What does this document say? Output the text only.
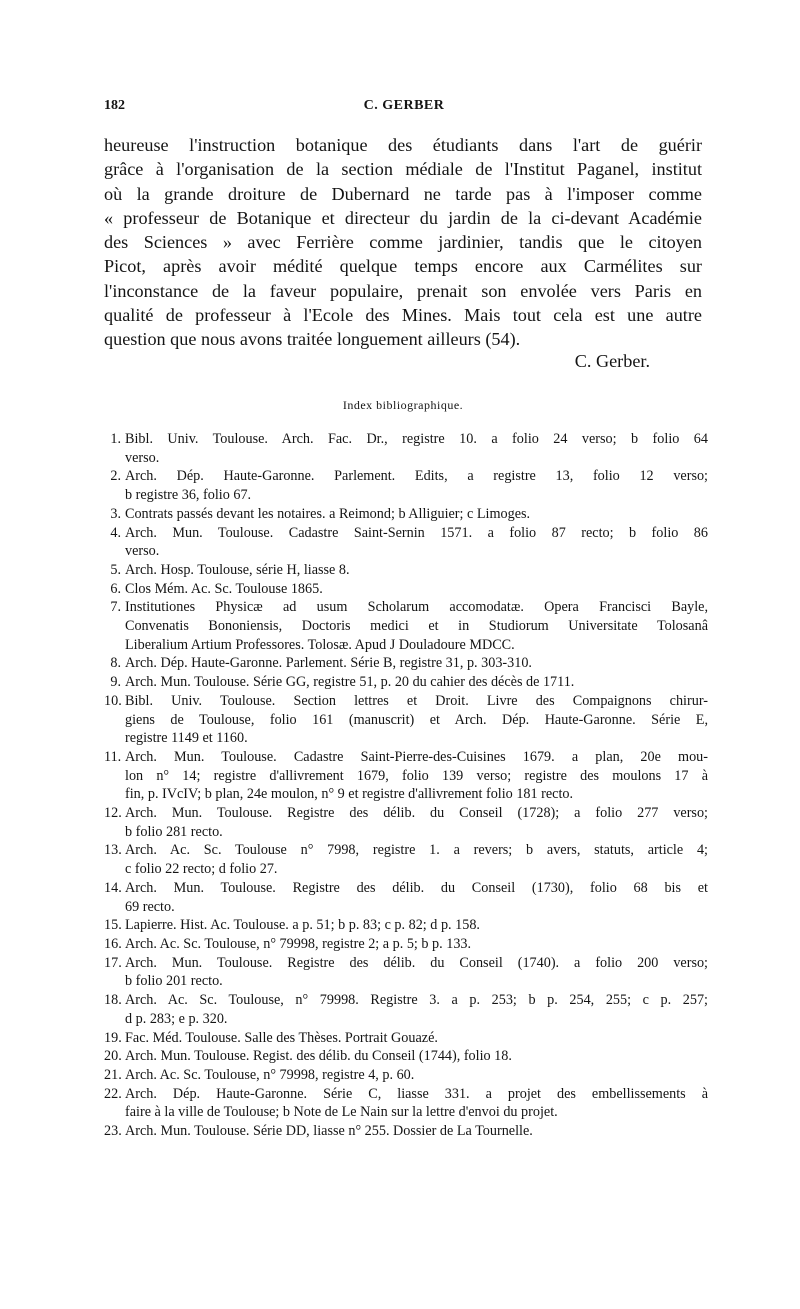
182	C. GERBER
heureuse l'instruction botanique des étudiants dans l'art de guérir
grâce à l'organisation de la section médiale de l'Institut Paganel, institut
où la grande droiture de Dubernard ne tarde pas à l'imposer comme
« professeur de Botanique et directeur du jardin de la ci-devant Académie
des Sciences » avec Ferrière comme jardinier, tandis que le citoyen
Picot, après avoir médité quelque temps encore aux Carmélites sur
l'inconstance de la faveur populaire, prenait son envolée vers Paris en
qualité de professeur à l'Ecole des Mines. Mais tout cela est une autre
question que nous avons traitée longuement ailleurs (54).
C. Gerber.
Index bibliographique.
1. Bibl. Univ. Toulouse. Arch. Fac. Dr., registre 10. a folio 24 verso; b folio 64
verso.
2. Arch. Dép. Haute-Garonne. Parlement. Edits, a registre 13, folio 12 verso;
b registre 36, folio 67.
3. Contrats passés devant les notaires. a Reimond; b Alliguier; c Limoges.
4. Arch. Mun. Toulouse. Cadastre Saint-Sernin 1571. a folio 87 recto; b folio 86
verso.
5. Arch. Hosp. Toulouse, série H, liasse 8.
6. Clos Mém. Ac. Sc. Toulouse 1865.
7. Institutiones Physicæ ad usum Scholarum accomodatæ. Opera Francisci Bayle,
Convenatis Bononiensis, Doctoris medici et in Studiorum Universitate Tolosanâ
Liberalium Artium Professores. Tolosæ. Apud J Douladoure MDCC.
8. Arch. Dép. Haute-Garonne. Parlement. Série B, registre 31, p. 303-310.
9. Arch. Mun. Toulouse. Série GG, registre 51, p. 20 du cahier des décès de 1711.
10. Bibl. Univ. Toulouse. Section lettres et Droit. Livre des Compaignons chirur-
giens de Toulouse, folio 161 (manuscrit) et Arch. Dép. Haute-Garonne. Série E,
registre 1149 et 1160.
11. Arch. Mun. Toulouse. Cadastre Saint-Pierre-des-Cuisines 1679. a plan, 20e mou-
lon n° 14; registre d'allivrement 1679, folio 139 verso; registre des moulons 17 à
fin, p. IVcIV; b plan, 24e moulon, n° 9 et registre d'allivrement folio 181 recto.
12. Arch. Mun. Toulouse. Registre des délib. du Conseil (1728); a folio 277 verso;
b folio 281 recto.
13. Arch. Ac. Sc. Toulouse n° 7998, registre 1. a revers; b avers, statuts, article 4;
c folio 22 recto; d folio 27.
14. Arch. Mun. Toulouse. Registre des délib. du Conseil (1730), folio 68 bis et
69 recto.
15. Lapierre. Hist. Ac. Toulouse. a p. 51; b p. 83; c p. 82; d p. 158.
16. Arch. Ac. Sc. Toulouse, n° 79998, registre 2; a p. 5; b p. 133.
17. Arch. Mun. Toulouse. Registre des délib. du Conseil (1740). a folio 200 verso;
b folio 201 recto.
18. Arch. Ac. Sc. Toulouse, n° 79998. Registre 3. a p. 253; b p. 254, 255; c p. 257;
d p. 283; e p. 320.
19. Fac. Méd. Toulouse. Salle des Thèses. Portrait Gouazé.
20. Arch. Mun. Toulouse. Regist. des délib. du Conseil (1744), folio 18.
21. Arch. Ac. Sc. Toulouse, n° 79998, registre 4, p. 60.
22. Arch. Dép. Haute-Garonne. Série C, liasse 331. a projet des embellissements à
faire à la ville de Toulouse; b Note de Le Nain sur la lettre d'envoi du projet.
23. Arch. Mun. Toulouse. Série DD, liasse n° 255. Dossier de La Tournelle.
